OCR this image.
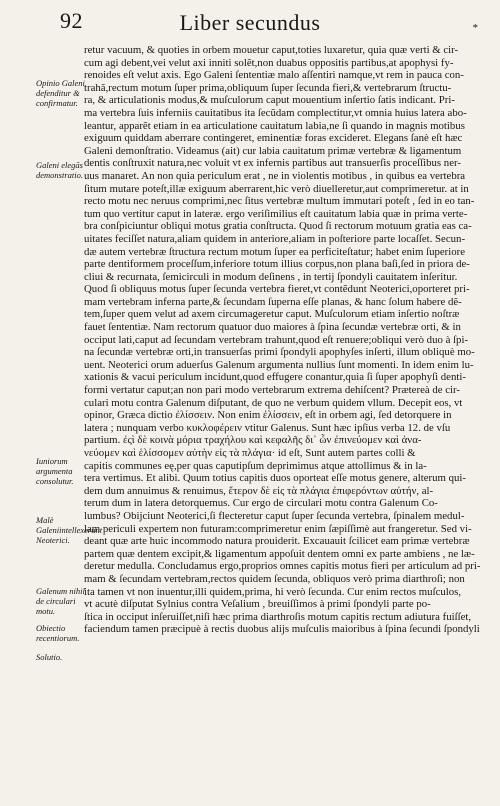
92	Liber secundus	*
Opinio Galeni defenditur & confirmatur.
Galeni elegãs demonstratio.
Iuniorum argumenta consolutur.
Malè Galeniintellexerunt Neoterici.
Galenum nihil de circulari motu.
Obiectio recentiorum.
Solutio.
retur vacuum, & quoties in orbem mouetur caput,toties luxaretur, quia quæ verti & cir-
cum agi debent,vei velut axi inniti solẽt,non duabus oppositis partibus,at apophysi fy-
renoides eſt velut axis. Ego Galeni ſententiæ malo aſſentiri namque,vt rem in pauca con-
trahã,rectum motum ſuper prima,obliquum ſuper ſecunda fieri,& vertebrarum ſtructu-
ra, & articulationis modus,& muſculorum caput mouentium inſertio ſatis indicant. Pri-
ma vertebra ſuis inferniis cauitatibus ita ſecũdam complectitur,vt omnia huius latera abo-
leantur, apparẽt etiam in ea articulatione cauitatum labia,ne ſi quando in magnis motibus
exiguum quiddam aberrare contingeret, eminentiæ foras excideret. Elegans ſanè eſt hæc
Galeni demonſtratio. Videamus (ait) cur labia cauitatum primæ vertebræ & ligamentum
dentis conſtruxit natura,nec voluit vt ex infernis partibus aut transuerſis proceſſibus ner-
uus manaret. An non quia periculum erat , ne in violentis motibus , in quibus ea vertebra
ſitum mutare poteſt,illæ exiguum aberrarent,hic verò diuelleretur,aut comprimeretur. at in
recto motu nec neruus comprimi,nec ſitus vertebræ multum immutari poteſt , ſed in eo tan-
tum quo vertitur caput in lateræ. ergo veriſimilius eſt cauitatum labia quæ in prima verte-
bra conſpiciuntur obliqui motus gratia conſtructa. Quod ſi rectorum motuum gratia eas ca-
uitates feciſſet natura,aliam quidem in anteriore,aliam in poſteriore parte locaſſet. Secun-
dæ autem vertebræ ſtructura rectum motum ſuper ea perficiteſtatur; habet enim ſuperiore
parte dentiformem proceſſum,inferiore totum illius corpus,non plana baſi,ſed in priora de-
cliui & recurnata, ſemicirculi in modum deſinens , in tertij ſpondyli cauitatem inſeritur.
Quod ſi obliquus motus ſuper ſecunda vertebra fieret,vt contẽdunt Neoterici,oporteret pri-
mam vertebram inferna parte,& ſecundam ſuperna eſſe planas, & hanc ſolum habere dẽ-
tem,ſuper quem velut ad axem circumageretur caput. Muſculorum etiam inſertio noſtræ
fauet ſententiæ. Nam rectorum quatuor duo maiores à ſpina ſecundæ vertebræ orti, & in
occiput lati,caput ad ſecundam vertebram trahunt,quod eſt renuere;obliqui verò duo à ſpi-
na ſecundæ vertebræ orti,in transuerſas primi ſpondyli apophyſes inſerti, illum obliquè mo-
uent. Neoterici orum aduerſus Galenum argumenta nullius ſunt momenti. In idem enim lu-
xationis & vacui periculum incidunt,quod effugere conantur,quia ſi ſuper apophyſi denti-
formi vertatur caput;an non pari modo vertebrarum extrema dehiſcent? Prætereà de cir-
culari motu contra Galenum diſputant, de quo ne verbum quidem vllum. Decepit eos, vt
opinor, Græca dictio ἐλίσσειν. Non enim ἐλίσσειν, eſt in orbem agi, ſed detorquere in
latera ; nunquam verbo κυκλοφέρειν vtitur Galenus. Sunt hæc ipſius verba 12. de vſu
partium. ἐςὶ δὲ κοινὰ μόρια τραχήλου καὶ κεφαλῆς δι᾽ ὧν ἐπινεύομεν καὶ ἀνα-
νεύομεν καὶ ἑλίσσομεν αὐτὴν εἰς τὰ πλάγια· id eſt, Sunt autem partes colli &
capitis communes eę,per quas caputipſum deprimimus atque attollimus & in la-
tera vertimus. Et alibi. Quum totius capitis duos oporteat eſſe motus genere, alterum qui-
dem dum annuimus & renuimus, ἕτερον δὲ εἰς τὰ πλάγια ἐπιφερόντων αὐτήν, al-
terum dum in latera detorquemus. Cur ergo de circulari motu contra Galenum Co-
lumbus? Obijciunt Neoterici,ſi flecteretur caput ſuper ſecunda vertebra, ſpinalem medul-
lam periculi expertem non futuram:comprimeretur enim ſæpiſſimè aut frangeretur. Sed vi-
deant quæ arte huic incommodo natura prouiderit. Excauauit ſcilicet eam primæ vertebræ
partem quæ dentem excipit,& ligamentum appoſuit dentem omni ex parte ambiens , ne læ-
deretur medulla. Concludamus ergo,proprios omnes capitis motus fieri per articulum ad pri-
mam & ſecundam vertebram,rectos quidem ſecunda, obliquos verò prima diarthroſi; non
ita tamen vt non inuentur,illi quidem,prima, hi verò ſecunda. Cur enim rectos muſculos,
vt acutè diſputat Sylnius contra Veſalium , breuiſſimos à primi ſpondyli parte po-
ſtica in occiput inſeruiſſet,niſi hæc prima diarthroſis motum capitis rectum adiutura fuiſſet,
faciendum tamen præcipuè à rectis duobus alijs muſculis maioribus à ſpina ſecundi ſpondyli
